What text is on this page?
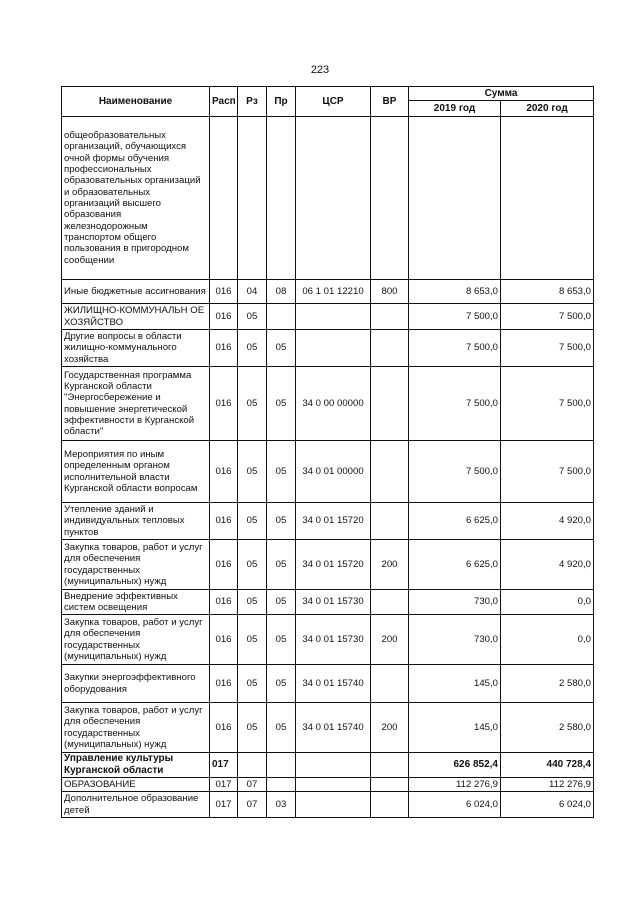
223
Наименование	Расп	Рз	Пр	ЦСР	ВР	Сумма	
						2019 год	2020 год
общеобразовательных организаций, обучающихся очной формы обучения профессиональных образовательных организаций и образовательных организаций высшего образования железнодорожным транспортом общего пользования в пригородном сообщении							
Иные бюджетные ассигнования	016	04	08	06 1 01 12210	800	8 653,0	8 653,0
ЖИЛИЩНО-КОММУНАЛЬН ОЕ ХОЗЯЙСТВО	016	05				7 500,0	7 500,0
Другие вопросы в области жилищно-коммунального хозяйства	016	05	05			7 500,0	7 500,0
Государственная программа Курганской области "Энергосбережение и повышение энергетической эффективности в Курганской области"	016	05	05	34 0 00 00000		7 500,0	7 500,0
Мероприятия по иным определенным органом исполнительной власти Курганской области вопросам	016	05	05	34 0 01 00000		7 500,0	7 500,0
Утепление зданий и индивидуальных тепловых пунктов	016	05	05	34 0 01 15720		6 625,0	4 920,0
Закупка товаров, работ и услуг для обеспечения государственных (муниципальных) нужд	016	05	05	34 0 01 15720	200	6 625,0	4 920,0
Внедрение эффективных систем освещения	016	05	05	34 0 01 15730		730,0	0,0
Закупка товаров, работ и услуг для обеспечения государственных (муниципальных) нужд	016	05	05	34 0 01 15730	200	730,0	0,0
Закупки энергоэффективного оборудования	016	05	05	34 0 01 15740		145,0	2 580,0
Закупка товаров, работ и услуг для обеспечения государственных (муниципальных) нужд	016	05	05	34 0 01 15740	200	145,0	2 580,0
Управление культуры Курганской области	017					626 852,4	440 728,4
ОБРАЗОВАНИЕ	017	07				112 276,9	112 276,9
Дополнительное образование детей	017	07	03			6 024,0	6 024,0
